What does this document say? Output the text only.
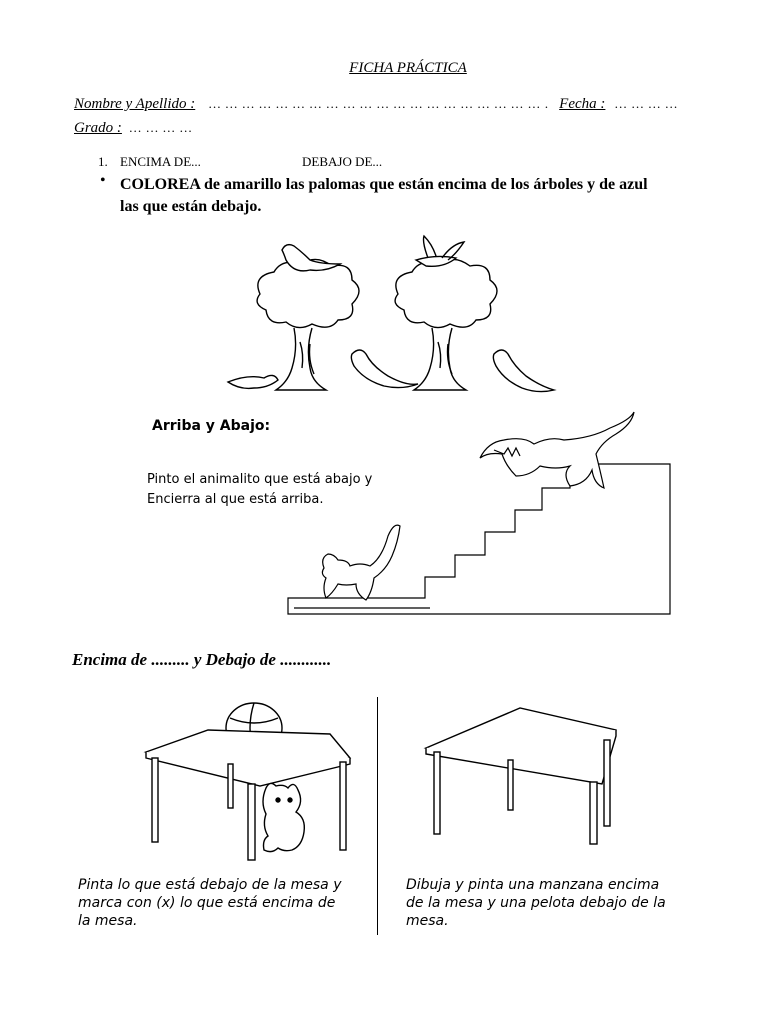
FICHA PRÁCTICA
Nombre y Apellido : … … … … … … … … … … … … … … … … … … … … . Fecha : … … … …
Grado : … … … …
1. ENCIMA DE...	DEBAJO DE...
• COLOREA de amarillo las palomas que están encima de los árboles y de azul
las que están debajo.
Arriba y Abajo:
Pinto el animalito que está abajo y
Encierra al que está arriba.
Encima de ......... y Debajo de ............
Pinta lo que está debajo de la mesa y
marca con (x) lo que está encima de
la mesa.
Dibuja y pinta una manzana encima
de la mesa y una pelota debajo de la
mesa.
